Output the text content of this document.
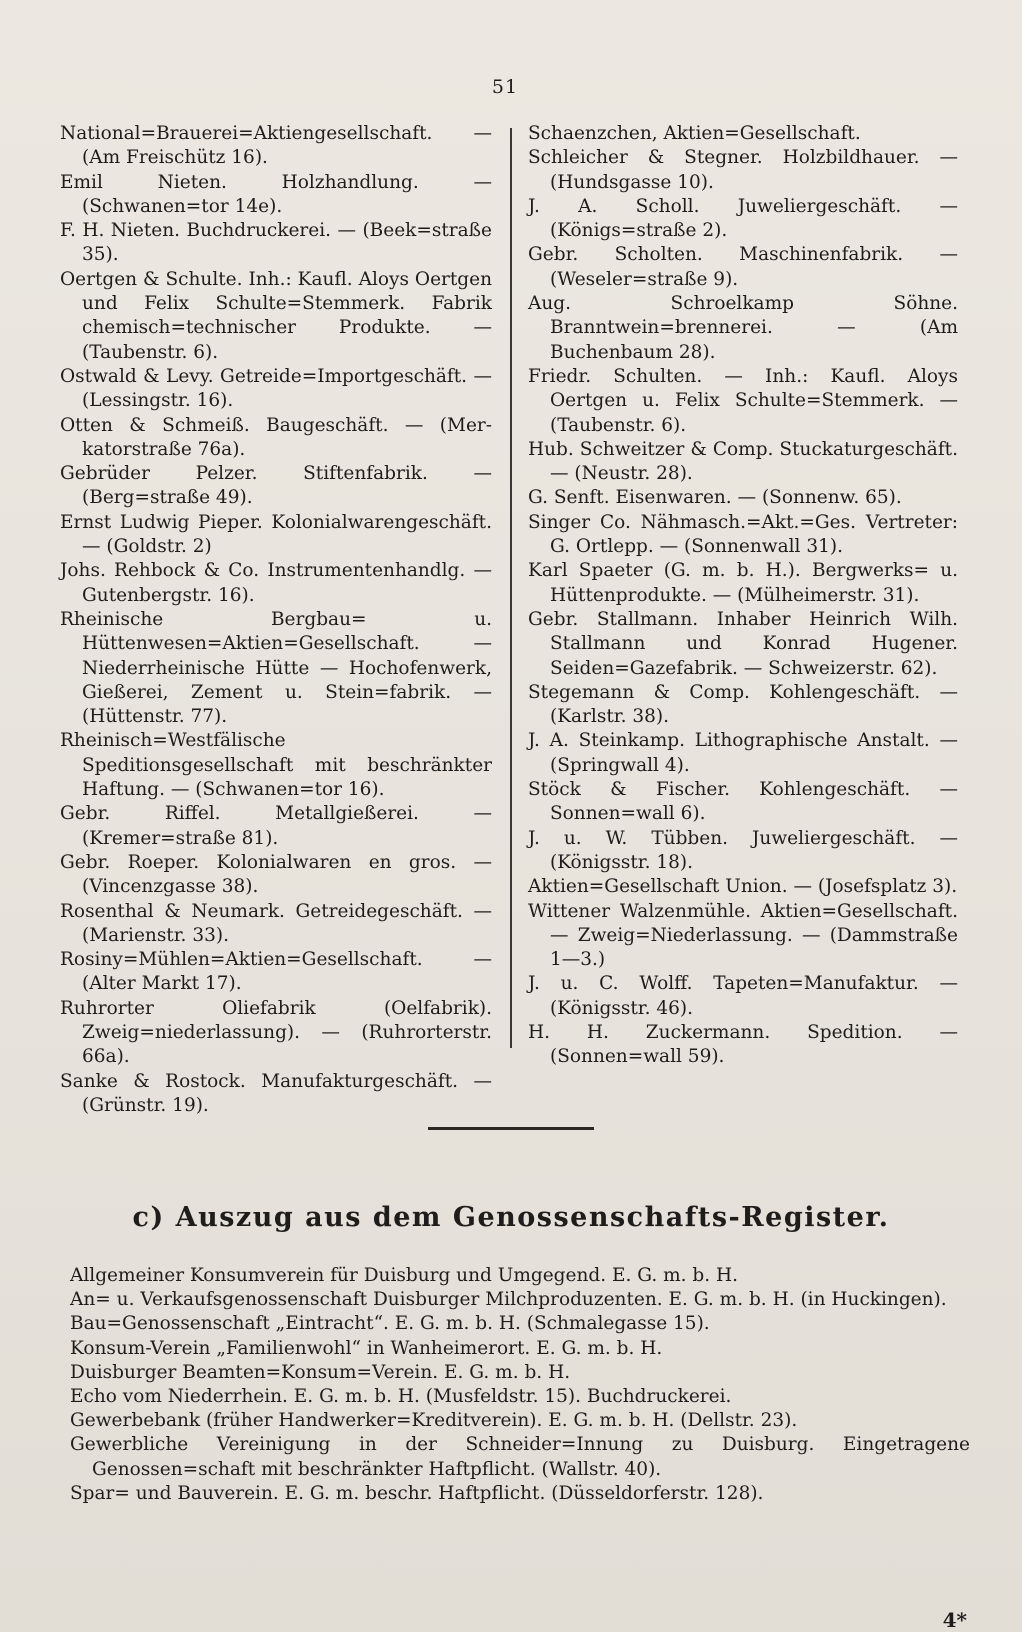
51

National=Brauerei=Aktiengesellschaft. — (Am Freischütz 16).

Emil Nieten. Holzhandlung. — (Schwanen=tor 14e).

F. H. Nieten. Buchdruckerei. — (Beek=straße 35).

Oertgen & Schulte. Inh.: Kaufl. Aloys Oertgen und Felix Schulte=Stemmerk. Fabrik chemisch=technischer Produkte. — (Taubenstr. 6).

Ostwald & Levy. Getreide=Importgeschäft. — (Lessingstr. 16).

Otten & Schmeiß. Baugeschäft. — (Mer-katorstraße 76a).

Gebrüder Pelzer. Stiftenfabrik. — (Berg=straße 49).

Ernst Ludwig Pieper. Kolonialwarengeschäft. — (Goldstr. 2)

Johs. Rehbock & Co. Instrumentenhandlg. — Gutenbergstr. 16).

Rheinische Bergbau= u. Hüttenwesen=Aktien=Gesellschaft. — Niederrheinische Hütte — Hochofenwerk, Gießerei, Zement u. Stein=fabrik. — (Hüttenstr. 77).

Rheinisch=Westfälische Speditionsgesellschaft mit beschränkter Haftung. — (Schwanen=tor 16).

Gebr. Riffel. Metallgießerei. — (Kremer=straße 81).

Gebr. Roeper. Kolonialwaren en gros. — (Vincenzgasse 38).

Rosenthal & Neumark. Getreidegeschäft. — (Marienstr. 33).

Rosiny=Mühlen=Aktien=Gesellschaft. — (Alter Markt 17).

Ruhrorter Oliefabrik (Oelfabrik). Zweig=niederlassung). — (Ruhrorterstr. 66a).

Sanke & Rostock. Manufakturgeschäft. — (Grünstr. 19).

Schaenzchen, Aktien=Gesellschaft.

Schleicher & Stegner. Holzbildhauer. — (Hundsgasse 10).

J. A. Scholl. Juweliergeschäft. — (Königs=straße 2).

Gebr. Scholten. Maschinenfabrik. — (Weseler=straße 9).

Aug. Schroelkamp Söhne. Branntwein=brennerei. — (Am Buchenbaum 28).

Friedr. Schulten. — Inh.: Kaufl. Aloys Oertgen u. Felix Schulte=Stemmerk. — (Taubenstr. 6).

Hub. Schweitzer & Comp. Stuckaturgeschäft. — (Neustr. 28).

G. Senft. Eisenwaren. — (Sonnenw. 65).

Singer Co. Nähmasch.=Akt.=Ges. Vertreter: G. Ortlepp. — (Sonnenwall 31).

Karl Spaeter (G. m. b. H.). Bergwerks= u. Hüttenprodukte. — (Mülheimerstr. 31).

Gebr. Stallmann. Inhaber Heinrich Wilh. Stallmann und Konrad Hugener. Seiden=Gazefabrik. — Schweizerstr. 62).

Stegemann & Comp. Kohlengeschäft. — (Karlstr. 38).

J. A. Steinkamp. Lithographische Anstalt. — (Springwall 4).

Stöck & Fischer. Kohlengeschäft. — Sonnen=wall 6).

J. u. W. Tübben. Juweliergeschäft. — (Königsstr. 18).

Aktien=Gesellschaft Union. — (Josefsplatz 3).

Wittener Walzenmühle. Aktien=Gesellschaft. — Zweig=Niederlassung. — (Dammstraße 1—3.)

J. u. C. Wolff. Tapeten=Manufaktur. — (Königsstr. 46).

H. H. Zuckermann. Spedition. — (Sonnen=wall 59).

c) Auszug aus dem Genossenschafts-Register.

Allgemeiner Konsumverein für Duisburg und Umgegend. E. G. m. b. H.

An= u. Verkaufsgenossenschaft Duisburger Milchproduzenten. E. G. m. b. H. (in Huckingen).

Bau=Genossenschaft „Eintracht“. E. G. m. b. H. (Schmalegasse 15).

Konsum-Verein „Familienwohl“ in Wanheimerort. E. G. m. b. H.

Duisburger Beamten=Konsum=Verein. E. G. m. b. H.

Echo vom Niederrhein. E. G. m. b. H. (Musfeldstr. 15). Buchdruckerei.

Gewerbebank (früher Handwerker=Kreditverein). E. G. m. b. H. (Dellstr. 23).

Gewerbliche Vereinigung in der Schneider=Innung zu Duisburg. Eingetragene Genossen=schaft mit beschränkter Haftpflicht. (Wallstr. 40).

Spar= und Bauverein. E. G. m. beschr. Haftpflicht. (Düsseldorferstr. 128).

4*
